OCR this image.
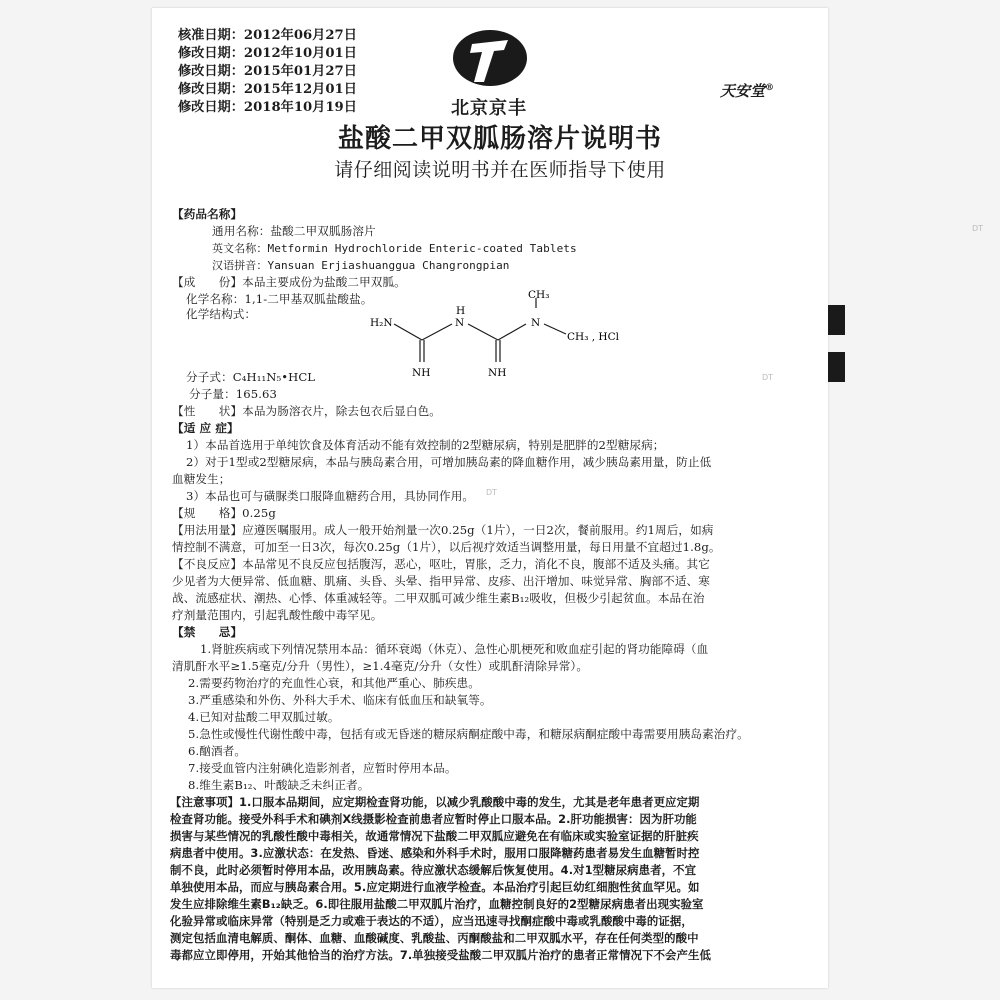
DT
DT
DT
核准日期：2012年06月27日
修改日期：2012年10月01日
修改日期：2015年01月27日
修改日期：2015年12月01日
修改日期：2018年10月19日	北京京丰
天安堂®
盐酸二甲双胍肠溶片说明书
请仔细阅读说明书并在医师指导下使用
【药品名称】
通用名称：盐酸二甲双胍肠溶片
英文名称：Metformin Hydrochloride Enteric-coated Tablets
汉语拼音：Yansuan Erjiashuanggua Changrongpian
【成　　份】本品主要成份为盐酸二甲双胍。
化学名称：1,1-二甲基双胍盐酸盐。
化学结构式：
H₂N	N
H
N
CH₃
CH₃ , HCl
NH	NH
分子式：C₄H₁₁N₅•HCL
分子量：165.63
【性　　状】本品为肠溶衣片，除去包衣后显白色。
【适 应 症】
1）本品首选用于单纯饮食及体育活动不能有效控制的2型糖尿病，特别是肥胖的2型糖尿病；
2）对于1型或2型糖尿病，本品与胰岛素合用，可增加胰岛素的降血糖作用，减少胰岛素用量，防止低
血糖发生；
3）本品也可与磺脲类口服降血糖药合用，具协同作用。
【规　　格】0.25g
【用法用量】应遵医嘱服用。成人一般开始剂量一次0.25g（1片），一日2次，餐前服用。约1周后，如病
情控制不满意，可加至一日3次，每次0.25g（1片），以后视疗效适当调整用量，每日用量不宜超过1.8g。
【不良反应】本品常见不良反应包括腹泻，恶心，呕吐，胃胀，乏力，消化不良，腹部不适及头痛。其它
少见者为大便异常、低血糖、肌痛、头昏、头晕、指甲异常、皮疹、出汗增加、味觉异常、胸部不适、寒
战、流感症状、潮热、心悸、体重减轻等。二甲双胍可减少维生素B₁₂吸收，但极少引起贫血。本品在治
疗剂量范围内，引起乳酸性酸中毒罕见。
【禁　　忌】
1.肾脏疾病或下列情况禁用本品：循环衰竭（休克）、急性心肌梗死和败血症引起的肾功能障碍（血
清肌酐水平≥1.5毫克/分升（男性），≥1.4毫克/分升（女性）或肌酐清除异常）。
2.需要药物治疗的充血性心衰，和其他严重心、肺疾患。
3.严重感染和外伤、外科大手术、临床有低血压和缺氧等。
4.已知对盐酸二甲双胍过敏。
5.急性或慢性代谢性酸中毒，包括有或无昏迷的糖尿病酮症酸中毒，和糖尿病酮症酸中毒需要用胰岛素治疗。
6.酗酒者。
7.接受血管内注射碘化造影剂者，应暂时停用本品。
8.维生素B₁₂、叶酸缺乏未纠正者。
【注意事项】1.口服本品期间，应定期检查肾功能，以减少乳酸酸中毒的发生，尤其是老年患者更应定期
检查肾功能。接受外科手术和碘剂X线摄影检查前患者应暂时停止口服本品。2.肝功能损害：因为肝功能
损害与某些情况的乳酸性酸中毒相关，故通常情况下盐酸二甲双胍应避免在有临床或实验室证据的肝脏疾
病患者中使用。3.应激状态：在发热、昏迷、感染和外科手术时，服用口服降糖药患者易发生血糖暂时控
制不良，此时必须暂时停用本品，改用胰岛素。待应激状态缓解后恢复使用。4.对1型糖尿病患者，不宜
单独使用本品，而应与胰岛素合用。5.应定期进行血液学检查。本品治疗引起巨幼红细胞性贫血罕见。如
发生应排除维生素B₁₂缺乏。6.即往服用盐酸二甲双胍片治疗，血糖控制良好的2型糖尿病患者出现实验室
化验异常或临床异常（特别是乏力或难于表达的不适），应当迅速寻找酮症酸中毒或乳酸酸中毒的证据，
测定包括血清电解质、酮体、血糖、血酸碱度、乳酸盐、丙酮酸盐和二甲双胍水平，存在任何类型的酸中
毒都应立即停用，开始其他恰当的治疗方法。7.单独接受盐酸二甲双胍片治疗的患者正常情况下不会产生低
